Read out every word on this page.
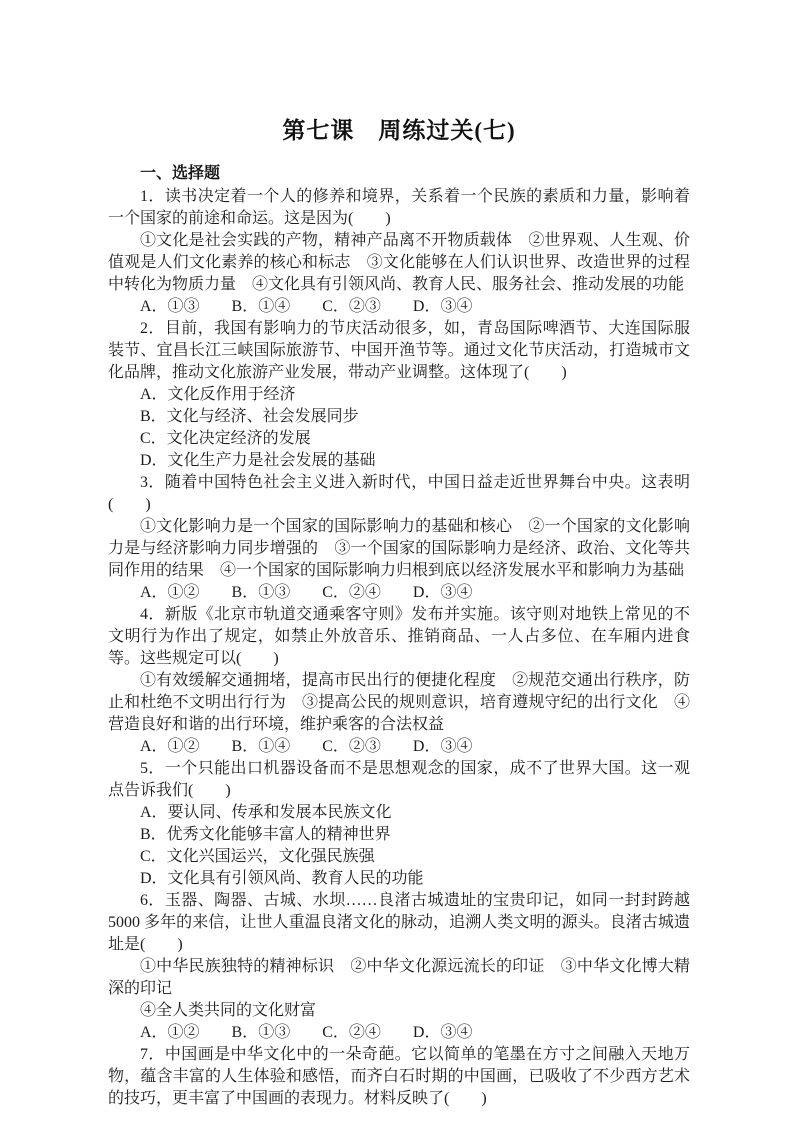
第七课　周练过关(七)
一、选择题

1．读书决定着一个人的修养和境界，关系着一个民族的素质和力量，影响着一个国家的前途和命运。这是因为(　　)

①文化是社会实践的产物，精神产品离不开物质载体　②世界观、人生观、价值观是人们文化素养的核心和标志　③文化能够在人们认识世界、改造世界的过程中转化为物质力量　④文化具有引领风尚、教育人民、服务社会、推动发展的功能

A．①③　　B．①④　　C．②③　　D．③④

2．目前，我国有影响力的节庆活动很多，如，青岛国际啤酒节、大连国际服装节、宜昌长江三峡国际旅游节、中国开渔节等。通过文化节庆活动，打造城市文化品牌，推动文化旅游产业发展，带动产业调整。这体现了(　　)

A．文化反作用于经济

B．文化与经济、社会发展同步

C．文化决定经济的发展

D．文化生产力是社会发展的基础

3．随着中国特色社会主义进入新时代，中国日益走近世界舞台中央。这表明(　　)

①文化影响力是一个国家的国际影响力的基础和核心　②一个国家的文化影响力是与经济影响力同步增强的　③一个国家的国际影响力是经济、政治、文化等共同作用的结果　④一个国家的国际影响力归根到底以经济发展水平和影响力为基础

A．①②　　B．①③　　C．②④　　D．③④

4．新版《北京市轨道交通乘客守则》发布并实施。该守则对地铁上常见的不文明行为作出了规定，如禁止外放音乐、推销商品、一人占多位、在车厢内进食等。这些规定可以(　　)

①有效缓解交通拥堵，提高市民出行的便捷化程度　②规范交通出行秩序，防止和杜绝不文明出行行为　③提高公民的规则意识，培育遵规守纪的出行文化　④营造良好和谐的出行环境，维护乘客的合法权益

A．①②　　B．①④　　C．②③　　D．③④

5．一个只能出口机器设备而不是思想观念的国家，成不了世界大国。这一观点告诉我们(　　)

A．要认同、传承和发展本民族文化

B．优秀文化能够丰富人的精神世界

C．文化兴国运兴，文化强民族强

D．文化具有引领风尚、教育人民的功能

6．玉器、陶器、古城、水坝……良渚古城遗址的宝贵印记，如同一封封跨越 5000 多年的来信，让世人重温良渚文化的脉动，追溯人类文明的源头。良渚古城遗址是(　　)

①中华民族独特的精神标识　②中华文化源远流长的印证　③中华文化博大精深的印记

④全人类共同的文化财富

A．①②　　B．①③　　C．②④　　D．③④

7．中国画是中华文化中的一朵奇葩。它以简单的笔墨在方寸之间融入天地万物，蕴含丰富的人生体验和感悟，而齐白石时期的中国画，已吸收了不少西方艺术的技巧，更丰富了中国画的表现力。材料反映了(　　)
